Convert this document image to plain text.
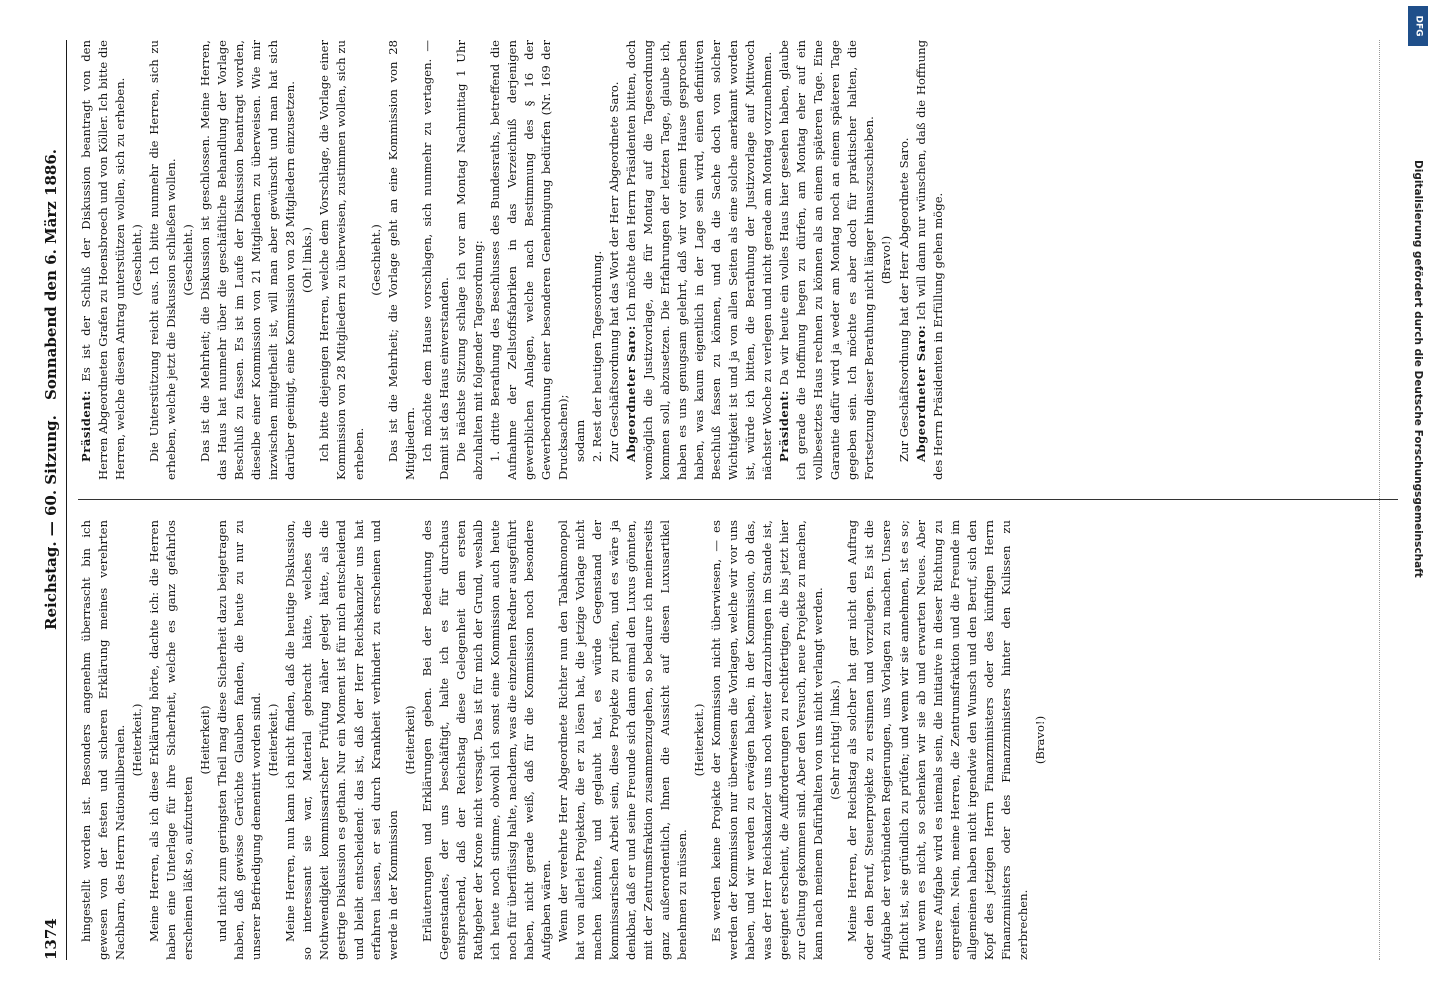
1374
Reichstag. — 60. Sitzung.
Sonnabend den 6. März 1886.

hingestellt worden ist. Besonders angenehm überrascht bin ich gewesen von der festen und sicheren Erklärung meines verehrten Nachbarn, des Herrn Nationalliberalen. (Heiterkeit.) Meine Herren, als ich diese Erklärung hörte, dachte ich: die Herren haben eine Unterlage für ihre Sicherheit, welche es ganz gefahrlos erscheinen läßt so, aufzutreten

(Heiterkeit) und nicht zum geringsten Theil mag diese Sicherheit dazu beigetragen haben, daß gewisse Gerüchte Glauben fanden, die heute zu nur zu unserer Befriedigung dementirt worden sind. (Heiterkeit.) Meine Herren, nun kann ich nicht finden, daß die heutige Diskussion, so interessant sie war, Material gebracht hätte, welches die Nothwendigkeit kommissarischer Prüfung näher gelegt hätte, als die gestrige Diskussion es gethan. Nur ein Moment ist für mich entscheidend und bleibt entscheidend: das ist, daß der Herr Reichskanzler uns hat erfahren lassen, er sei durch Krankheit verhindert zu erscheinen und werde in der Kommission

(Heiterkeit) Erläuterungen und Erklärungen geben. Bei der Bedeutung des Gegenstandes, der uns beschäftigt, halte ich es für durchaus entsprechend, daß der Reichstag diese Gelegenheit dem ersten Rathgeber der Krone nicht versagt. Das ist für mich der Grund, weshalb ich heute noch stimme, obwohl ich sonst eine Kommission auch heute noch für überflüssig halte, nachdem, was die einzelnen Redner ausgeführt haben, nicht gerade weiß, daß für die Kommission noch besondere Aufgaben wären. Wenn der verehrte Herr Abgeordnete Richter nun den Tabakmonopol hat von allerlei Projekten, die er zu lösen hat, die jetzige Vorlage nicht machen könnte, und geglaubt hat, es würde Gegenstand der kommissarischen Arbeit sein, diese Projekte zu prüfen, und es wäre ja denkbar, daß er und seine Freunde sich dann einmal den Luxus gönnten, mit der Zentrumsfraktion zusammenzugehen, so bedaure ich meinerseits ganz außerordentlich, Ihnen die Aussicht auf diesen Luxusartikel benehmen zu müssen.

(Heiterkeit.) Es werden keine Projekte der Kommission nicht überwiesen, — es werden der Kommission nur überwiesen die Vorlagen, welche wir vor uns haben, und wir werden zu erwägen haben, in der Kommission, ob das, was der Herr Reichskanzler uns noch weiter darzubringen im Stande ist, geeignet erscheint, die Aufforderungen zu rechtfertigen, die bis jetzt hier zur Geltung gekommen sind. Aber den Versuch, neue Projekte zu machen, kann nach meinem Dafürhalten von uns nicht verlangt werden. (Sehr richtig! links.) Meine Herren, der Reichstag als solcher hat gar nicht den Auftrag oder den Beruf, Steuerprojekte zu ersinnen und vorzulegen. Es ist die Aufgabe der verbündeten Regierungen, uns Vorlagen zu machen. Unsere Pflicht ist, sie gründlich zu prüfen; und wenn wir sie annehmen, ist es so; und wenn es nicht, so schenken wir sie ab und erwarten Neues. Aber unsere Aufgabe wird es niemals sein, die Initiative in dieser Richtung zu ergreifen. Nein, meine Herren, die Zentrumsfraktion und die Freunde im allgemeinen haben nicht irgendwie den Wunsch und den Beruf, sich den Kopf des jetzigen Herrn Finanzministers oder des künftigen Herrn Finanzministers oder des Finanzministers hinter den Kulissen zu zerbrechen.

(Bravo!)

Präsident: Es ist der Schluß der Diskussion beantragt von den Herren Abgeordneten Grafen zu Hoensbroech und von Köller. Ich bitte die Herren, welche diesen Antrag unterstützen wollen, sich zu erheben. (Geschieht.) Die Unterstützung reicht aus. Ich bitte nunmehr die Herren, sich zu erheben, welche jetzt die Diskussion schließen wollen. (Geschieht.) Das ist die Mehrheit; die Diskussion ist geschlossen. Meine Herren, das Haus hat nunmehr über die geschäftliche Behandlung der Vorlage Beschluß zu fassen. Es ist im Laufe der Diskussion beantragt worden, dieselbe einer Kommission von 21 Mitgliedern zu überweisen. Wie mir inzwischen mitgetheilt ist, will man aber gewünscht und man hat sich darüber geeinigt, eine Kommission von 28 Mitgliedern einzusetzen. (Oh! links.) Ich bitte diejenigen Herren, welche dem Vorschlage, die Vorlage einer Kommission von 28 Mitgliedern zu überweisen, zustimmen wollen, sich zu erheben.

(Geschieht.) Das ist die Mehrheit; die Vorlage geht an eine Kommission von 28 Mitgliedern. Ich möchte dem Hause vorschlagen, sich nunmehr zu vertagen. — Damit ist das Haus einverstanden. Die nächste Sitzung schlage ich vor am Montag Nachmittag 1 Uhr abzuhalten mit folgender Tagesordnung: 1. dritte Berathung des Beschlusses des Bundesraths, betreffend die Aufnahme der Zellstoffsfabriken in das Verzeichniß derjenigen gewerblichen Anlagen, welche nach Bestimmung des § 16 der Gewerbeordnung einer besonderen Genehmigung bedürfen (Nr. 169 der Drucksachen); sodann 2. Rest der heutigen Tagesordnung. Zur Geschäftsordnung hat das Wort der Herr Abgeordnete Saro. Abgeordneter Saro: Ich möchte den Herrn Präsidenten bitten, doch womöglich die Justizvorlage, die für Montag auf die Tagesordnung kommen soll, abzusetzen. Die Erfahrungen der letzten Tage, glaube ich, haben es uns genugsam gelehrt, daß wir vor einem Hause gesprochen haben, was kaum eigentlich in der Lage sein wird, einen definitiven Beschluß fassen zu können, und da die Sache doch von solcher Wichtigkeit ist und ja von allen Seiten als eine solche anerkannt worden ist, würde ich bitten, die Berathung der Justizvorlage auf Mittwoch nächster Woche zu verlegen und nicht gerade am Montag vorzunehmen. Präsident: Da wir heute ein volles Haus hier gesehen haben, glaube ich gerade die Hoffnung hegen zu dürfen, am Montag eher auf ein vollbesetztes Haus rechnen zu können als an einem späteren Tage. Eine Garantie dafür wird ja weder am Montag noch an einem späteren Tage gegeben sein. Ich möchte es aber doch für praktischer halten, die Fortsetzung dieser Berathung nicht länger hinauszuschieben. (Bravo!) Zur Geschäftsordnung hat der Herr Abgeordnete Saro. Abgeordneter Saro: Ich will dann nur wünschen, daß die Hoffnung des Herrn Präsidenten in Erfüllung gehen möge.

DFG
Digitalisierung gefördert durch die Deutsche Forschungsgemeinschaft
